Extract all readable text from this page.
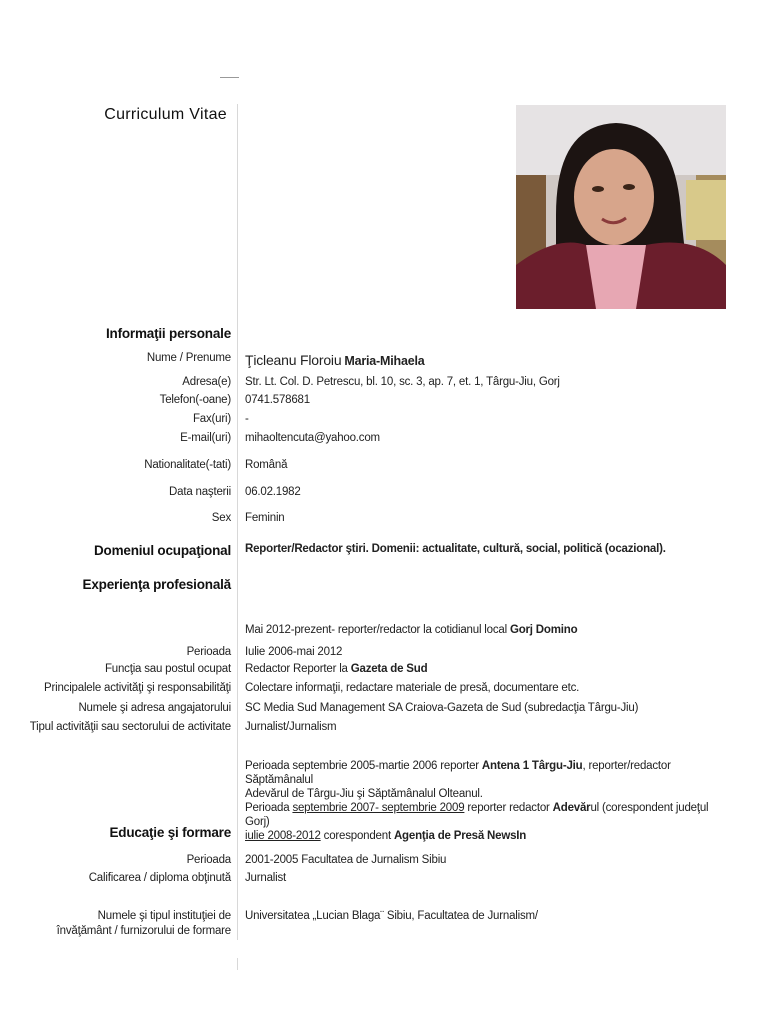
Curriculum Vitae
Informaţii personale
Nume / Prenume Ţicleanu Floroiu Maria-Mihaela
Adresa(e) Str. Lt. Col. D. Petrescu, bl. 10, sc. 3, ap. 7, et. 1, Târgu-Jiu, Gorj
Telefon(-oane) 0741.578681
Fax(uri) -
E-mail(uri) mihaoltencuta@yahoo.com
Nationalitate(-tati) Română
Data naşterii 06.02.1982
Sex Feminin
Domeniul ocupaţional Reporter/Redactor ştiri. Domenii: actualitate, cultură, social, politică (ocazional).
Experienţa profesională
Mai 2012-prezent- reporter/redactor la cotidianul local Gorj Domino
Perioada Iulie 2006-mai 2012
Funcţia sau postul ocupat Redactor Reporter la Gazeta de Sud
Principalele activităţi şi responsabilităţi Colectare informaţii, redactare materiale de presă, documentare etc.
Numele şi adresa angajatorului SC Media Sud Management SA Craiova-Gazeta de Sud (subredacţia Târgu-Jiu)
Tipul activităţii sau sectorului de activitate Jurnalist/Jurnalism
Perioada septembrie 2005-martie 2006 reporter Antena 1 Târgu-Jiu, reporter/redactor Săptămânalul
Adevărul de Târgu-Jiu şi Săptămânalul Olteanul.
Perioada septembrie 2007- septembrie 2009 reporter redactor Adevărul (corespondent judeţul Gorj)
iulie 2008-2012 corespondent Agenţia de Presă NewsIn
Educaţie şi formare
Perioada 2001-2005 Facultatea de Jurnalism Sibiu
Calificarea / diploma obţinută Jurnalist
Numele şi tipul instituţiei de
învăţământ / furnizorului de formare
Universitatea „Lucian Blaga¨ Sibiu, Facultatea de Jurnalism/
